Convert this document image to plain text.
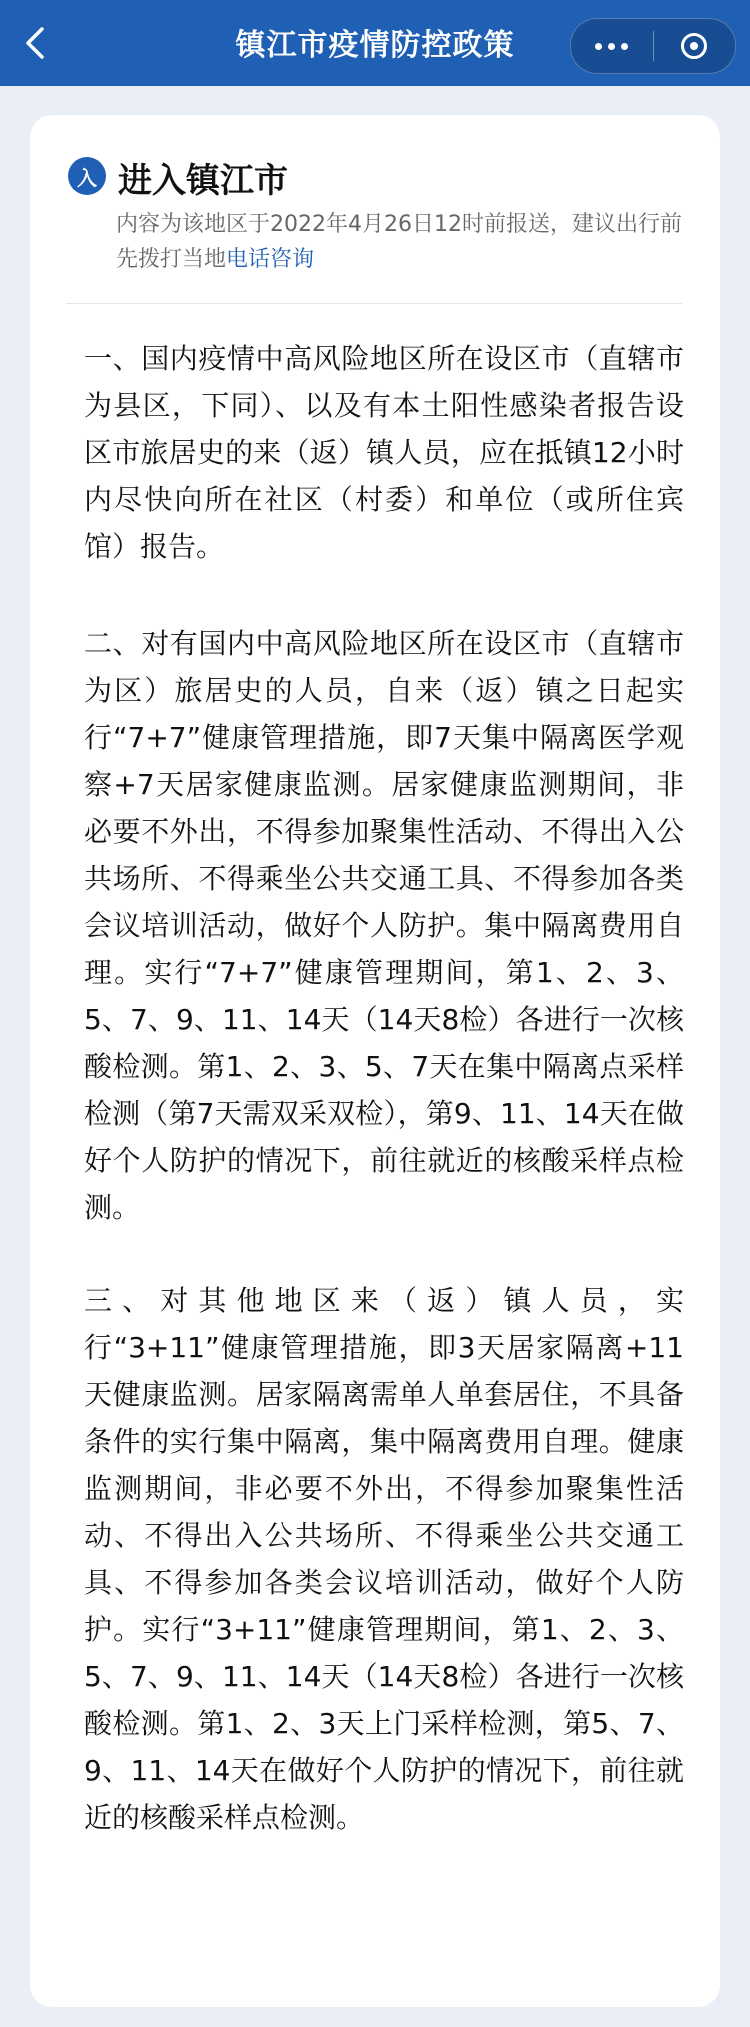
镇江市疫情防控政策
入 进入镇江市
内容为该地区于2022年4月26日12时前报送，建议出行前先拨打当地电话咨询
一、国内疫情中高风险地区所在设区市（直辖市为县区，下同）、以及有本土阳性感染者报告设区市旅居史的来（返）镇人员，应在抵镇12小时内尽快向所在社区（村委）和单位（或所住宾馆）报告。
二、对有国内中高风险地区所在设区市（直辖市为区）旅居史的人员，自来（返）镇之日起实行“7+7”健康管理措施，即7天集中隔离医学观察+7天居家健康监测。居家健康监测期间，非必要不外出，不得参加聚集性活动、不得出入公共场所、不得乘坐公共交通工具、不得参加各类会议培训活动，做好个人防护。集中隔离费用自理。实行“7+7”健康管理期间，第1、2、3、5、7、9、11、14天（14天8检）各进行一次核酸检测。第1、2、3、5、7天在集中隔离点采样检测（第7天需双采双检），第9、11、14天在做好个人防护的情况下，前往就近的核酸采样点检测。
三、对其他地区来（返）镇人员，实行“3+11”健康管理措施，即3天居家隔离+11天健康监测。居家隔离需单人单套居住，不具备条件的实行集中隔离，集中隔离费用自理。健康监测期间，非必要不外出，不得参加聚集性活动、不得出入公共场所、不得乘坐公共交通工具、不得参加各类会议培训活动，做好个人防护。实行“3+11”健康管理期间，第1、2、3、5、7、9、11、14天（14天8检）各进行一次核酸检测。第1、2、3天上门采样检测，第5、7、9、11、14天在做好个人防护的情况下，前往就近的核酸采样点检测。
